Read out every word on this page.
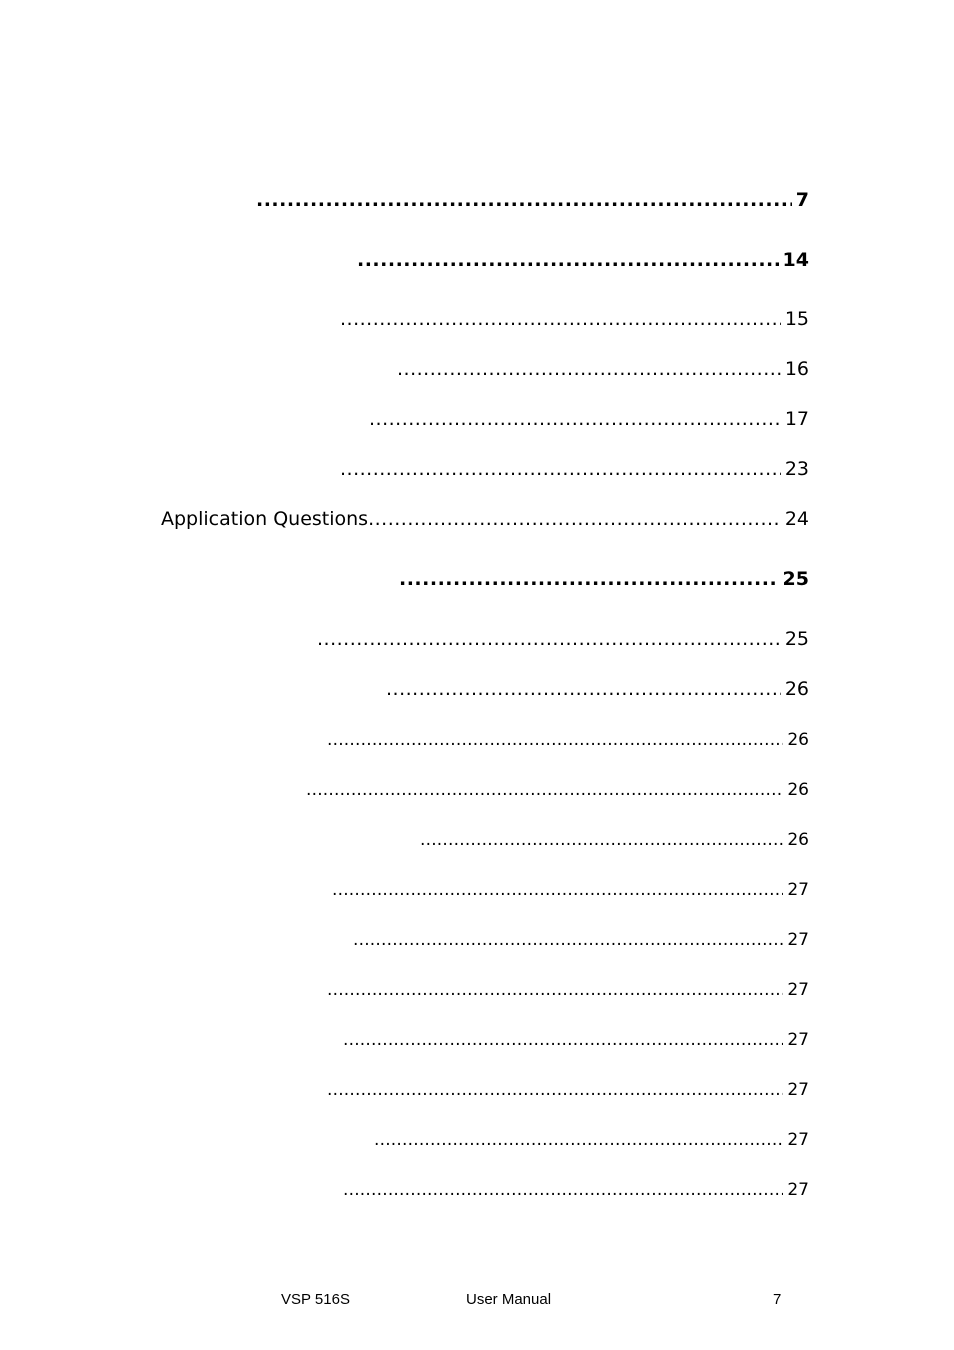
.....
7
.....
14
.....
15
.....
16
.....
17
.....
23
Application Questions
.....	24
.....
25
.....
25
.....
26
.....
26
.....
26
.....
26
.....
27
.....
27
.....
27
.....
27
.....
27
.....
27
.....
27
VSP 516S	User Manual	7
